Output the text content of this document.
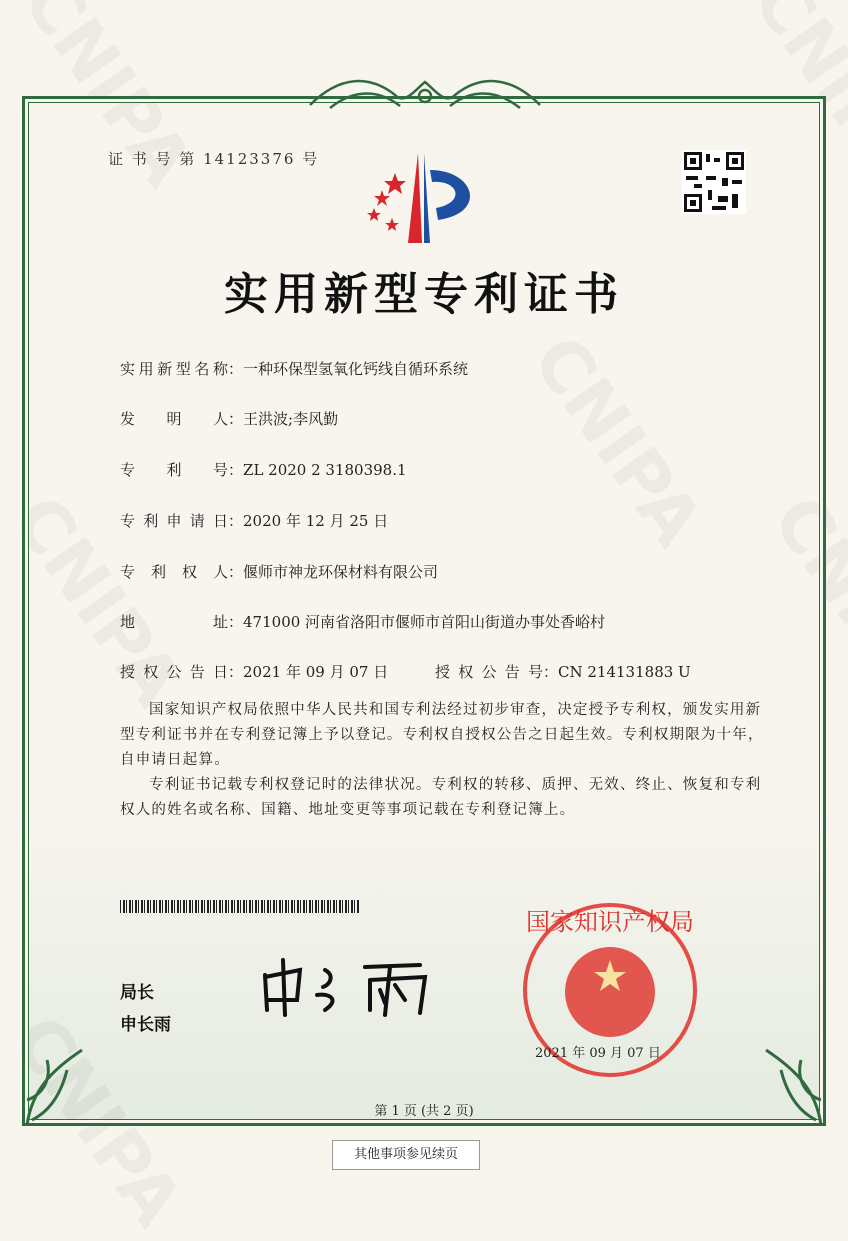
证 书 号 第 14123376 号
实用新型专利证书
实用新型名称：一种环保型氢氧化钙线自循环系统
发明人：王洪波;李风勤
专利号：ZL 2020 2 3180398.1
专利申请日：2020 年 12 月 25 日
专利权人：偃师市神龙环保材料有限公司
地址：471000 河南省洛阳市偃师市首阳山街道办事处香峪村
授权公告日：2021 年 09 月 07 日	授权公告号：CN 214131883 U

国家知识产权局依照中华人民共和国专利法经过初步审查，决定授予专利权，颁发实用新型专利证书并在专利登记簿上予以登记。专利权自授权公告之日起生效。专利权期限为十年，自申请日起算。

专利证书记载专利权登记时的法律状况。专利权的转移、质押、无效、终止、恢复和专利权人的姓名或名称、国籍、地址变更等事项记载在专利登记簿上。

局长
申长雨
国家知识产权局
2021 年 09 月 07 日
第 1 页 (共 2 页)
其他事项参见续页
